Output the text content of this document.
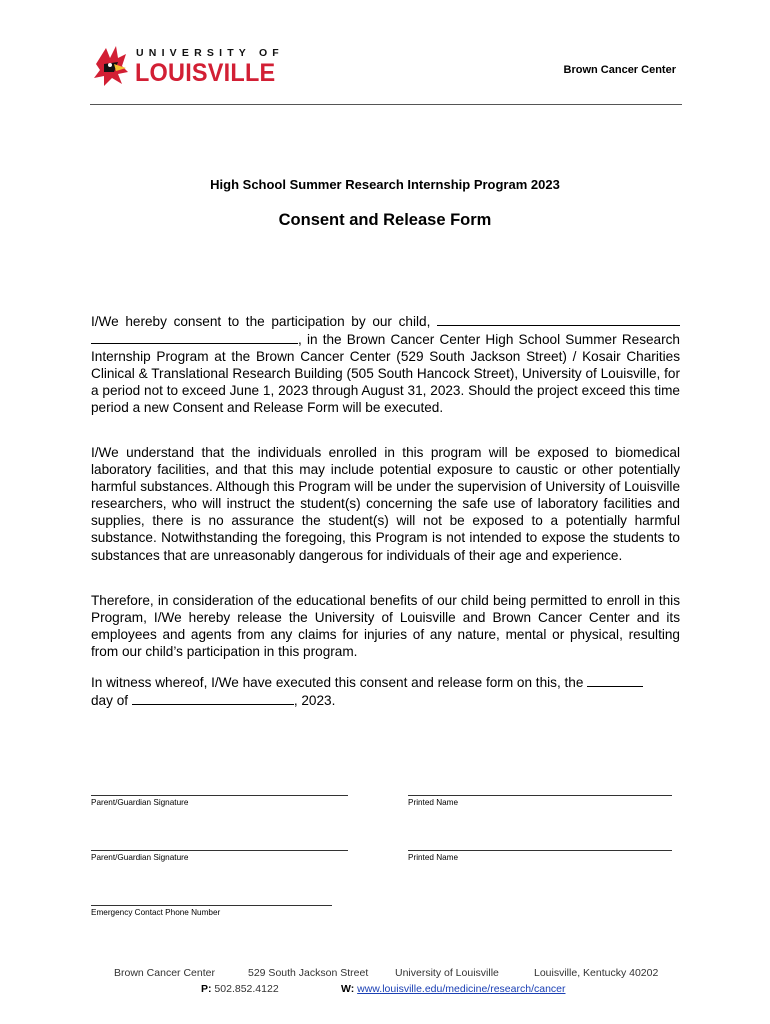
UNIVERSITY OF
LOUISVILLE	Brown Cancer Center
High School Summer Research Internship Program 2023
Consent and Release Form
I/We hereby consent to the participation by our child, , in the Brown Cancer Center High School Summer Research Internship Program at the Brown Cancer Center (529 South Jackson Street) / Kosair Charities Clinical & Translational Research Building (505 South Hancock Street), University of Louisville, for a period not to exceed June 1, 2023 through August 31, 2023. Should the project exceed this time period a new Consent and Release Form will be executed.
I/We understand that the individuals enrolled in this program will be exposed to biomedical laboratory facilities, and that this may include potential exposure to caustic or other potentially harmful substances. Although this Program will be under the supervision of University of Louisville researchers, who will instruct the student(s) concerning the safe use of laboratory facilities and supplies, there is no assurance the student(s) will not be exposed to a potentially harmful substance. Notwithstanding the foregoing, this Program is not intended to expose the students to substances that are unreasonably dangerous for individuals of their age and experience.
Therefore, in consideration of the educational benefits of our child being permitted to enroll in this Program, I/We hereby release the University of Louisville and Brown Cancer Center and its employees and agents from any claims for injuries of any nature, mental or physical, resulting from our child’s participation in this program.
In witness whereof, I/We have executed this consent and release form on this, the
day of	, 2023.
Parent/Guardian Signature	Printed Name
Parent/Guardian Signature	Printed Name
Emergency Contact Phone Number
Brown Cancer Center	529 South Jackson Street	University of Louisville	Louisville, Kentucky 40202
P: 502.852.4122	W: www.louisville.edu/medicine/research/cancer
